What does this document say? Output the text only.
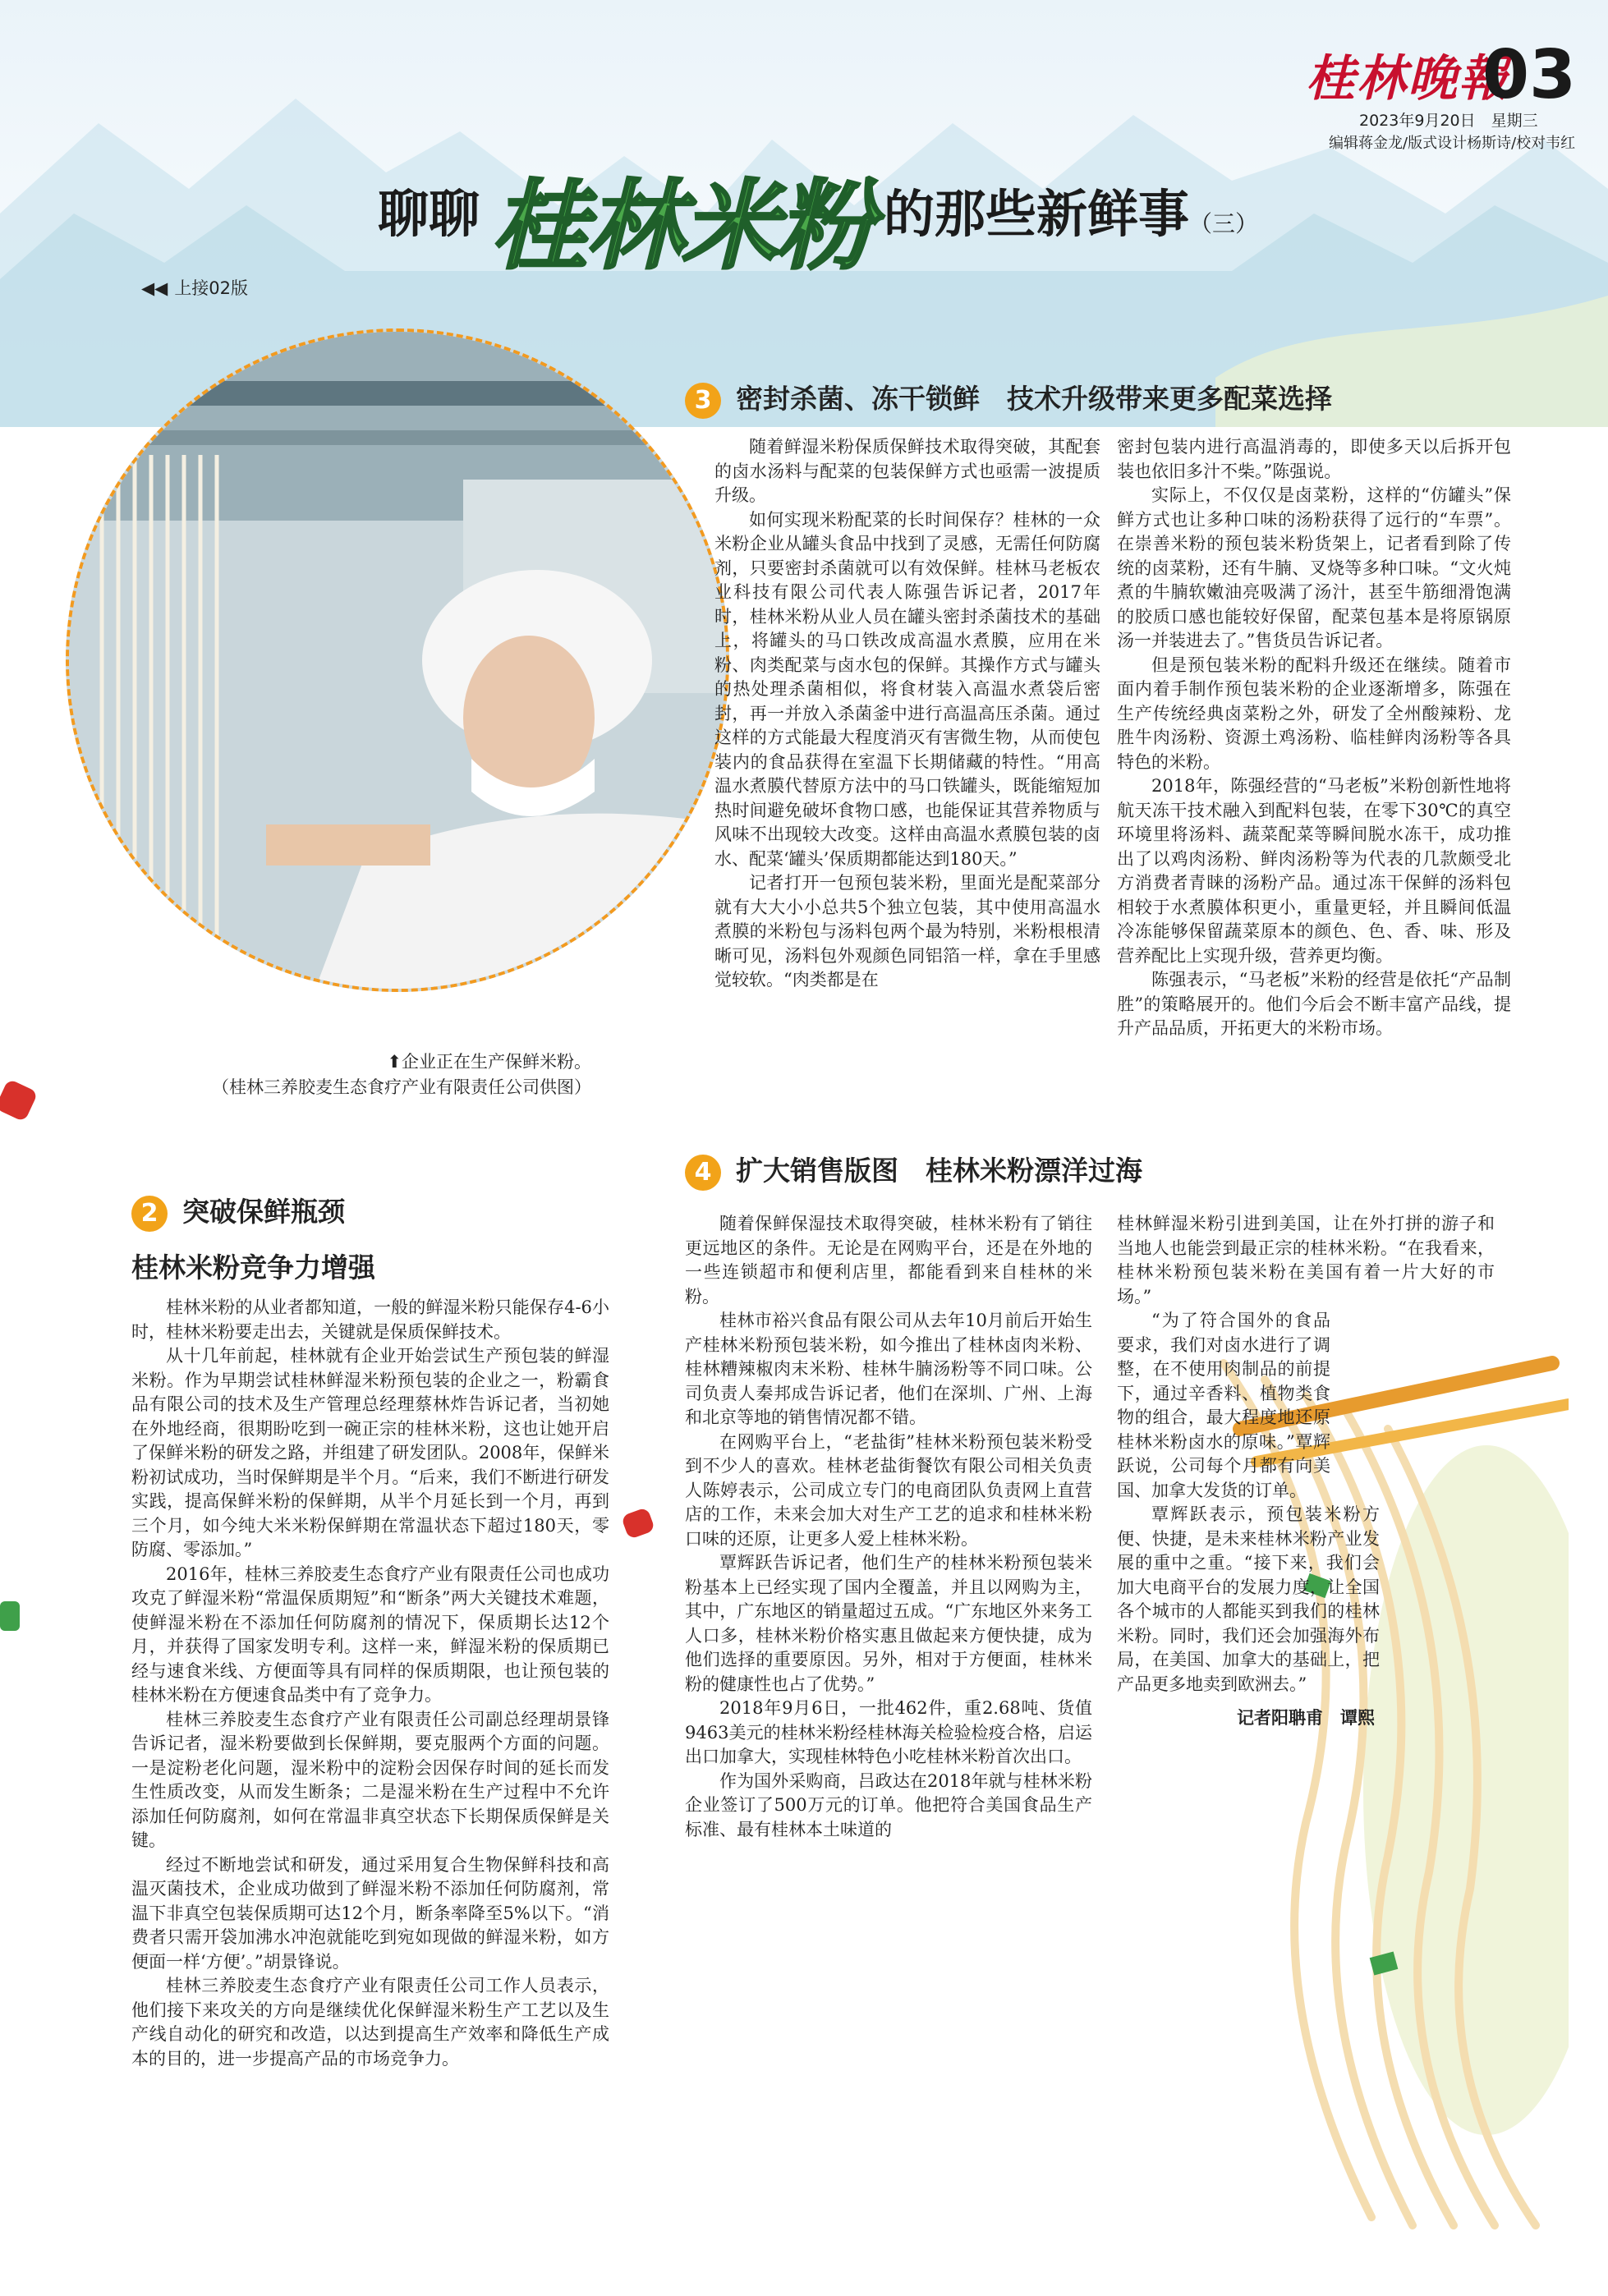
桂林晚報
03
2023年9月20日　星期三
编辑蒋金龙/版式设计杨斯诗/校对韦红
聊聊 桂林米粉 的那些新鲜事（三）
◀◀ 上接02版
⬆企业正在生产保鲜米粉。
（桂林三养胶麦生态食疗产业有限责任公司供图）
3 密封杀菌、冻干锁鲜　技术升级带来更多配菜选择

随着鲜湿米粉保质保鲜技术取得突破，其配套的卤水汤料与配菜的包装保鲜方式也亟需一波提质升级。

如何实现米粉配菜的长时间保存？桂林的一众米粉企业从罐头食品中找到了灵感，无需任何防腐剂，只要密封杀菌就可以有效保鲜。桂林马老板农业科技有限公司代表人陈强告诉记者，2017年时，桂林米粉从业人员在罐头密封杀菌技术的基础上，将罐头的马口铁改成高温水煮膜，应用在米粉、肉类配菜与卤水包的保鲜。其操作方式与罐头的热处理杀菌相似，将食材装入高温水煮袋后密封，再一并放入杀菌釜中进行高温高压杀菌。通过这样的方式能最大程度消灭有害微生物，从而使包装内的食品获得在室温下长期储藏的特性。“用高温水煮膜代替原方法中的马口铁罐头，既能缩短加热时间避免破坏食物口感，也能保证其营养物质与风味不出现较大改变。这样由高温水煮膜包装的卤水、配菜‘罐头’保质期都能达到180天。”

记者打开一包预包装米粉，里面光是配菜部分就有大大小小总共5个独立包装，其中使用高温水煮膜的米粉包与汤料包两个最为特别，米粉根根清晰可见，汤料包外观颜色同铝箔一样，拿在手里感觉较软。“肉类都是在

密封包装内进行高温消毒的，即使多天以后拆开包装也依旧多汁不柴。”陈强说。

实际上，不仅仅是卤菜粉，这样的“仿罐头”保鲜方式也让多种口味的汤粉获得了远行的“车票”。在崇善米粉的预包装米粉货架上，记者看到除了传统的卤菜粉，还有牛腩、叉烧等多种口味。“文火炖煮的牛腩软嫩油亮吸满了汤汁，甚至牛筋细滑饱满的胶质口感也能较好保留，配菜包基本是将原锅原汤一并装进去了。”售货员告诉记者。

但是预包装米粉的配料升级还在继续。随着市面内着手制作预包装米粉的企业逐渐增多，陈强在生产传统经典卤菜粉之外，研发了全州酸辣粉、龙胜牛肉汤粉、资源土鸡汤粉、临桂鲜肉汤粉等各具特色的米粉。

2018年，陈强经营的“马老板”米粉创新性地将航天冻干技术融入到配料包装，在零下30℃的真空环境里将汤料、蔬菜配菜等瞬间脱水冻干，成功推出了以鸡肉汤粉、鲜肉汤粉等为代表的几款颇受北方消费者青睐的汤粉产品。通过冻干保鲜的汤料包相较于水煮膜体积更小，重量更轻，并且瞬间低温冷冻能够保留蔬菜原本的颜色、色、香、味、形及营养配比上实现升级，营养更均衡。

陈强表示，“马老板”米粉的经营是依托“产品制胜”的策略展开的。他们今后会不断丰富产品线，提升产品品质，开拓更大的米粉市场。

2 突破保鲜瓶颈
桂林米粉竞争力增强

桂林米粉的从业者都知道，一般的鲜湿米粉只能保存4-6小时，桂林米粉要走出去，关键就是保质保鲜技术。

从十几年前起，桂林就有企业开始尝试生产预包装的鲜湿米粉。作为早期尝试桂林鲜湿米粉预包装的企业之一，粉霸食品有限公司的技术及生产管理总经理蔡林炸告诉记者，当初她在外地经商，很期盼吃到一碗正宗的桂林米粉，这也让她开启了保鲜米粉的研发之路，并组建了研发团队。2008年，保鲜米粉初试成功，当时保鲜期是半个月。“后来，我们不断进行研发实践，提高保鲜米粉的保鲜期，从半个月延长到一个月，再到三个月，如今纯大米米粉保鲜期在常温状态下超过180天，零防腐、零添加。”

2016年，桂林三养胶麦生态食疗产业有限责任公司也成功攻克了鲜湿米粉“常温保质期短”和“断条”两大关键技术难题，使鲜湿米粉在不添加任何防腐剂的情况下，保质期长达12个月，并获得了国家发明专利。这样一来，鲜湿米粉的保质期已经与速食米线、方便面等具有同样的保质期限，也让预包装的桂林米粉在方便速食品类中有了竞争力。

桂林三养胶麦生态食疗产业有限责任公司副总经理胡景锋告诉记者，湿米粉要做到长保鲜期，要克服两个方面的问题。一是淀粉老化问题，湿米粉中的淀粉会因保存时间的延长而发生性质改变，从而发生断条；二是湿米粉在生产过程中不允许添加任何防腐剂，如何在常温非真空状态下长期保质保鲜是关键。

经过不断地尝试和研发，通过采用复合生物保鲜科技和高温灭菌技术，企业成功做到了鲜湿米粉不添加任何防腐剂，常温下非真空包装保质期可达12个月，断条率降至5%以下。“消费者只需开袋加沸水冲泡就能吃到宛如现做的鲜湿米粉，如方便面一样‘方便’。”胡景锋说。

桂林三养胶麦生态食疗产业有限责任公司工作人员表示，他们接下来攻关的方向是继续优化保鲜湿米粉生产工艺以及生产线自动化的研究和改造，以达到提高生产效率和降低生产成本的目的，进一步提高产品的市场竞争力。

4 扩大销售版图　桂林米粉漂洋过海

随着保鲜保湿技术取得突破，桂林米粉有了销往更远地区的条件。无论是在网购平台，还是在外地的一些连锁超市和便利店里，都能看到来自桂林的米粉。

桂林市裕兴食品有限公司从去年10月前后开始生产桂林米粉预包装米粉，如今推出了桂林卤肉米粉、桂林糟辣椒肉末米粉、桂林牛腩汤粉等不同口味。公司负责人秦邦成告诉记者，他们在深圳、广州、上海和北京等地的销售情况都不错。

在网购平台上，“老盐街”桂林米粉预包装米粉受到不少人的喜欢。桂林老盐街餐饮有限公司相关负责人陈婷表示，公司成立专门的电商团队负责网上直营店的工作，未来会加大对生产工艺的追求和桂林米粉口味的还原，让更多人爱上桂林米粉。

覃辉跃告诉记者，他们生产的桂林米粉预包装米粉基本上已经实现了国内全覆盖，并且以网购为主，其中，广东地区的销量超过五成。“广东地区外来务工人口多，桂林米粉价格实惠且做起来方便快捷，成为他们选择的重要原因。另外，相对于方便面，桂林米粉的健康性也占了优势。”

2018年9月6日，一批462件，重2.68吨、货值9463美元的桂林米粉经桂林海关检验检疫合格，启运出口加拿大，实现桂林特色小吃桂林米粉首次出口。

作为国外采购商，吕政达在2018年就与桂林米粉企业签订了500万元的订单。他把符合美国食品生产标准、最有桂林本土味道的

桂林鲜湿米粉引进到美国，让在外打拼的游子和当地人也能尝到最正宗的桂林米粉。“在我看来，桂林米粉预包装米粉在美国有着一片大好的市场。”

“为了符合国外的食品要求，我们对卤水进行了调整，在不使用肉制品的前提下，通过辛香料、植物类食物的组合，最大程度地还原桂林米粉卤水的原味。”覃辉跃说，公司每个月都有向美国、加拿大发货的订单。

覃辉跃表示，预包装米粉方便、快捷，是未来桂林米粉产业发展的重中之重。“接下来，我们会加大电商平台的发展力度，让全国各个城市的人都能买到我们的桂林米粉。同时，我们还会加强海外布局，在美国、加拿大的基础上，把产品更多地卖到欧洲去。”

记者阳聃甫　谭熙
